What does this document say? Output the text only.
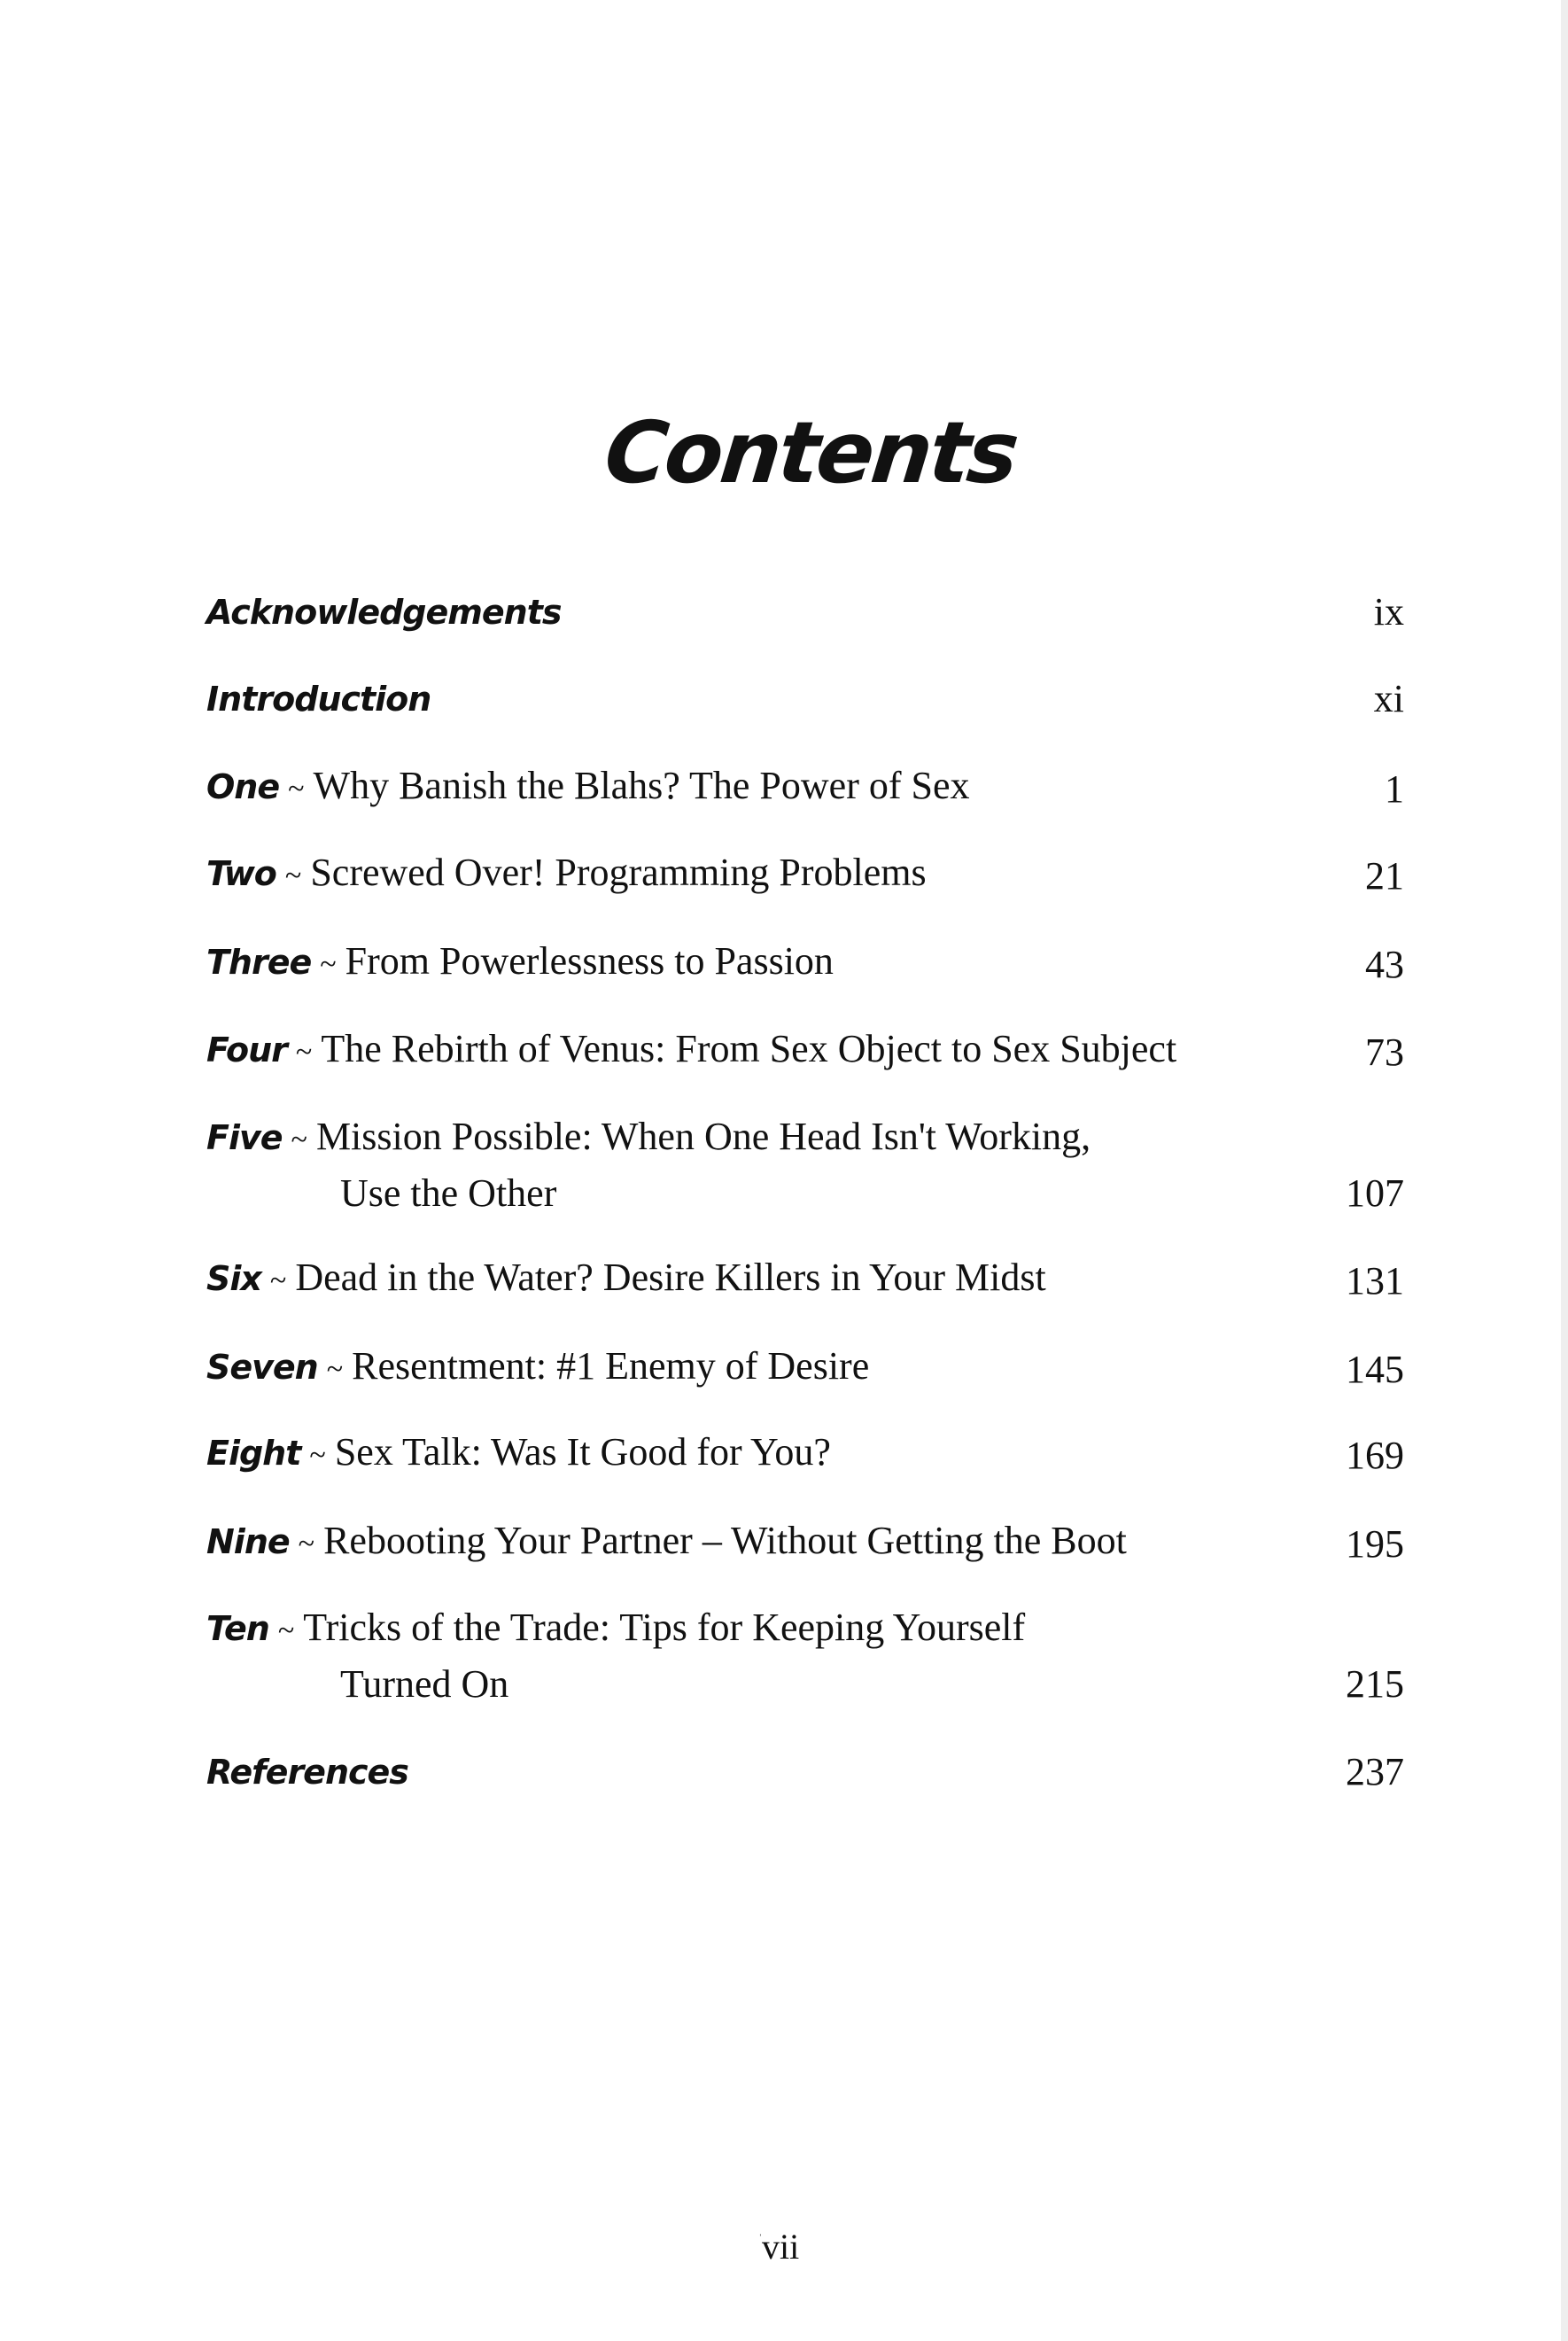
Contents
Acknowledgements	ix
Introduction	xi
One ~ Why Banish the Blahs? The Power of Sex	1
Two ~ Screwed Over! Programming Problems	21
Three ~ From Powerlessness to Passion	43
Four ~ The Rebirth of Venus: From Sex Object to Sex Subject	73
Five ~ Mission Possible: When One Head Isn't Working,
Use the Other	107
Six ~ Dead in the Water? Desire Killers in Your Midst	131
Seven ~ Resentment: #1 Enemy of Desire	145
Eight ~ Sex Talk: Was It Good for You?	169
Nine ~ Rebooting Your Partner – Without Getting the Boot	195
Ten ~ Tricks of the Trade: Tips for Keeping Yourself
Turned On	215
References	237
ˈ vii
